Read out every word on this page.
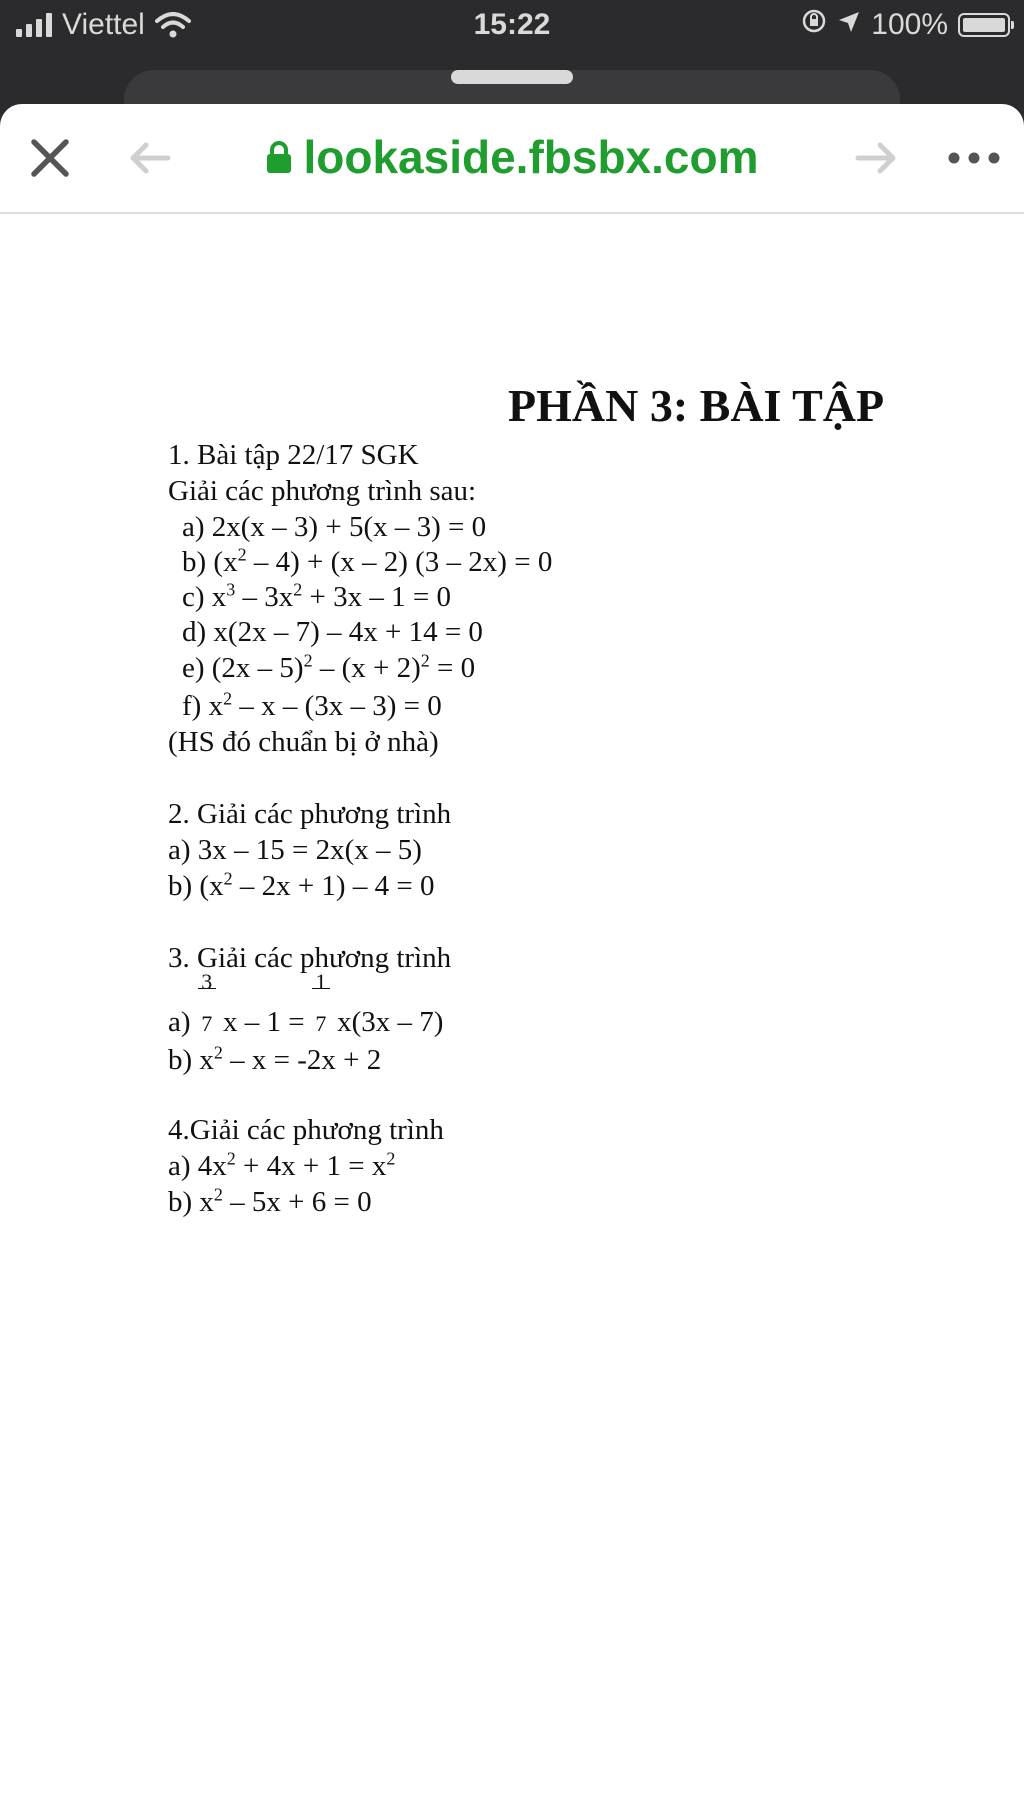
Viettel	15:22	100%
lookaside.fbsbx.com
PHẦN 3: BÀI TẬP
1. Bài tập 22/17 SGK
Giải các phương trình sau:
a) 2x(x – 3) + 5(x – 3) = 0
b) $(x^2 - 4) + (x - 2)$ (3 – 2x) = 0
c) $x^3 - 3x^2 + 3x - 1 = 0$
d) x(2x – 7) – 4x + 14 = 0
e) $(2x - 5)^2 - (x + 2)^2 = 0$
f) $x^2 - x - (3x - 3) = 0$
(HS đó chuẩn bị ở nhà)
2. Giải các phương trình
a) 3x – 15 = 2x(x – 5)
b) $(x^2 - 2x + 1) - 4 = 0$
3. Giải các phương trình
$a) \frac{3}{7}$ $x - 1 = \frac{1}{7} x(3x - 7)$
b) $x^2 - x = -2x + 2$
4.Giải các phương trình
a) $4x^2 + 4x + 1 = x^2$
b) $x^2 - 5x + 6 = 0$
